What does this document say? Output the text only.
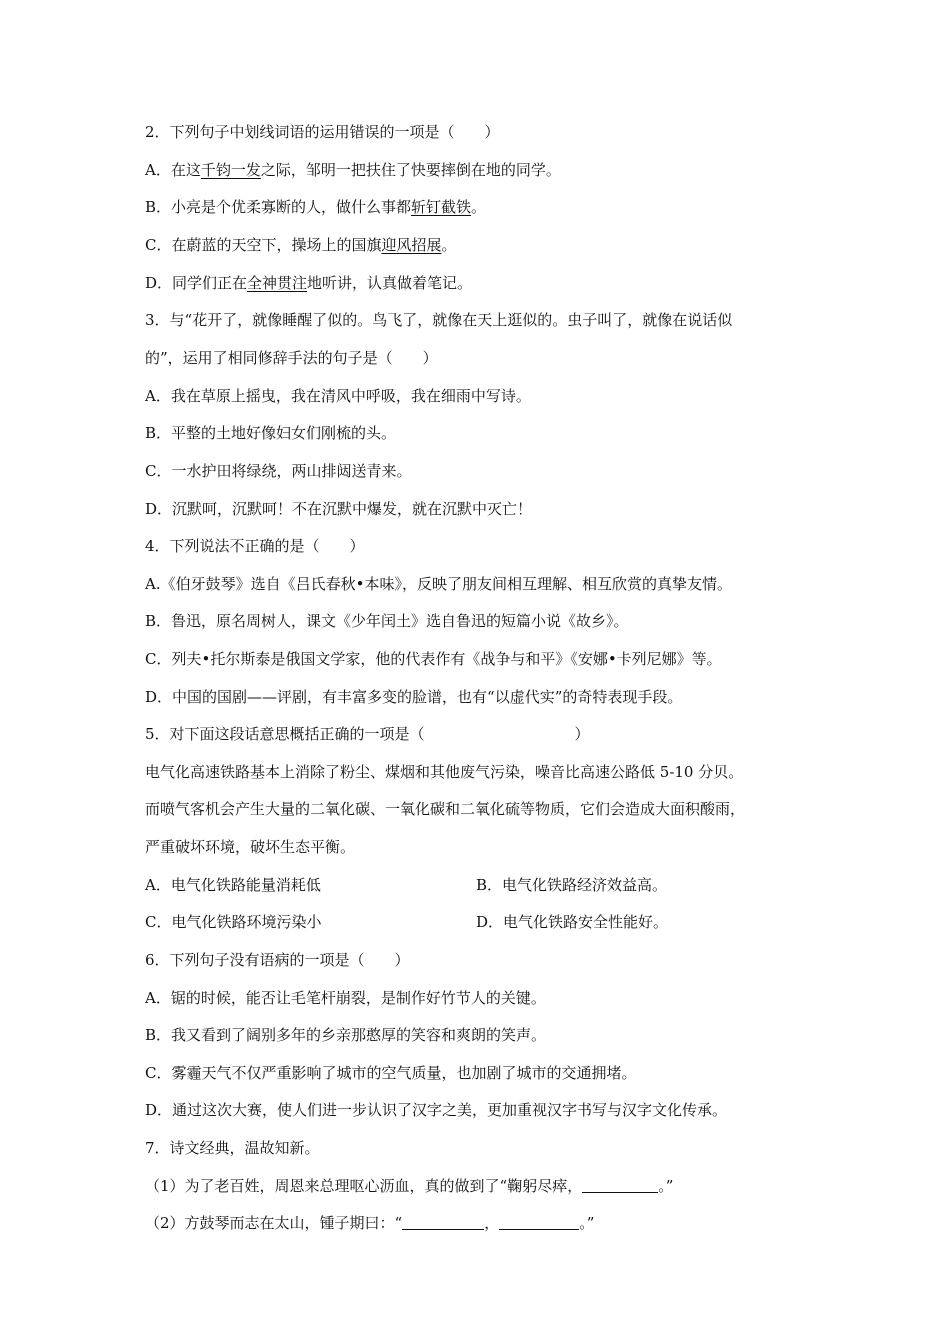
2．下列句子中划线词语的运用错误的一项是（　　）
A．在这千钧一发之际，邹明一把扶住了快要摔倒在地的同学。
B．小亮是个优柔寡断的人，做什么事都斩钉截铁。
C．在蔚蓝的天空下，操场上的国旗迎风招展。
D．同学们正在全神贯注地听讲，认真做着笔记。
3．与“花开了，就像睡醒了似的。鸟飞了，就像在天上逛似的。虫子叫了，就像在说话似
的”，运用了相同修辞手法的句子是（　　）
A．我在草原上摇曳，我在清风中呼吸，我在细雨中写诗。
B．平整的土地好像妇女们刚梳的头。
C．一水护田将绿绕，两山排闼送青来。
D．沉默呵，沉默呵！不在沉默中爆发，就在沉默中灭亡！
4．下列说法不正确的是（　　）
A.《伯牙鼓琴》选自《吕氏春秋•本味》，反映了朋友间相互理解、相互欣赏的真挚友情。
B．鲁迅，原名周树人，课文《少年闰土》选自鲁迅的短篇小说《故乡》。
C．列夫•托尔斯泰是俄国文学家，他的代表作有《战争与和平》《安娜•卡列尼娜》等。
D．中国的国剧——评剧，有丰富多变的脸谱，也有“以虚代实”的奇特表现手段。
5．对下面这段话意思概括正确的一项是（　　　　　　　　　　）
电气化高速铁路基本上消除了粉尘、煤烟和其他废气污染，噪音比高速公路低 5-10 分贝。
而喷气客机会产生大量的二氧化碳、一氧化碳和二氧化硫等物质，它们会造成大面积酸雨，
严重破坏环境，破坏生态平衡。
A．电气化铁路能量消耗低	B．电气化铁路经济效益高。
C．电气化铁路环境污染小	D．电气化铁路安全性能好。
6．下列句子没有语病的一项是（　　）
A．锯的时候，能否让毛笔杆崩裂，是制作好竹节人的关键。
B．我又看到了阔别多年的乡亲那憨厚的笑容和爽朗的笑声。
C．雾霾天气不仅严重影响了城市的空气质量，也加剧了城市的交通拥堵。
D．通过这次大赛，使人们进一步认识了汉字之美，更加重视汉字书写与汉字文化传承。
7．诗文经典，温故知新。
（1）为了老百姓，周恩来总理呕心沥血，真的做到了“鞠躬尽瘁，	。”
（2）方鼓琴而志在太山，锺子期曰：“	，	。”
